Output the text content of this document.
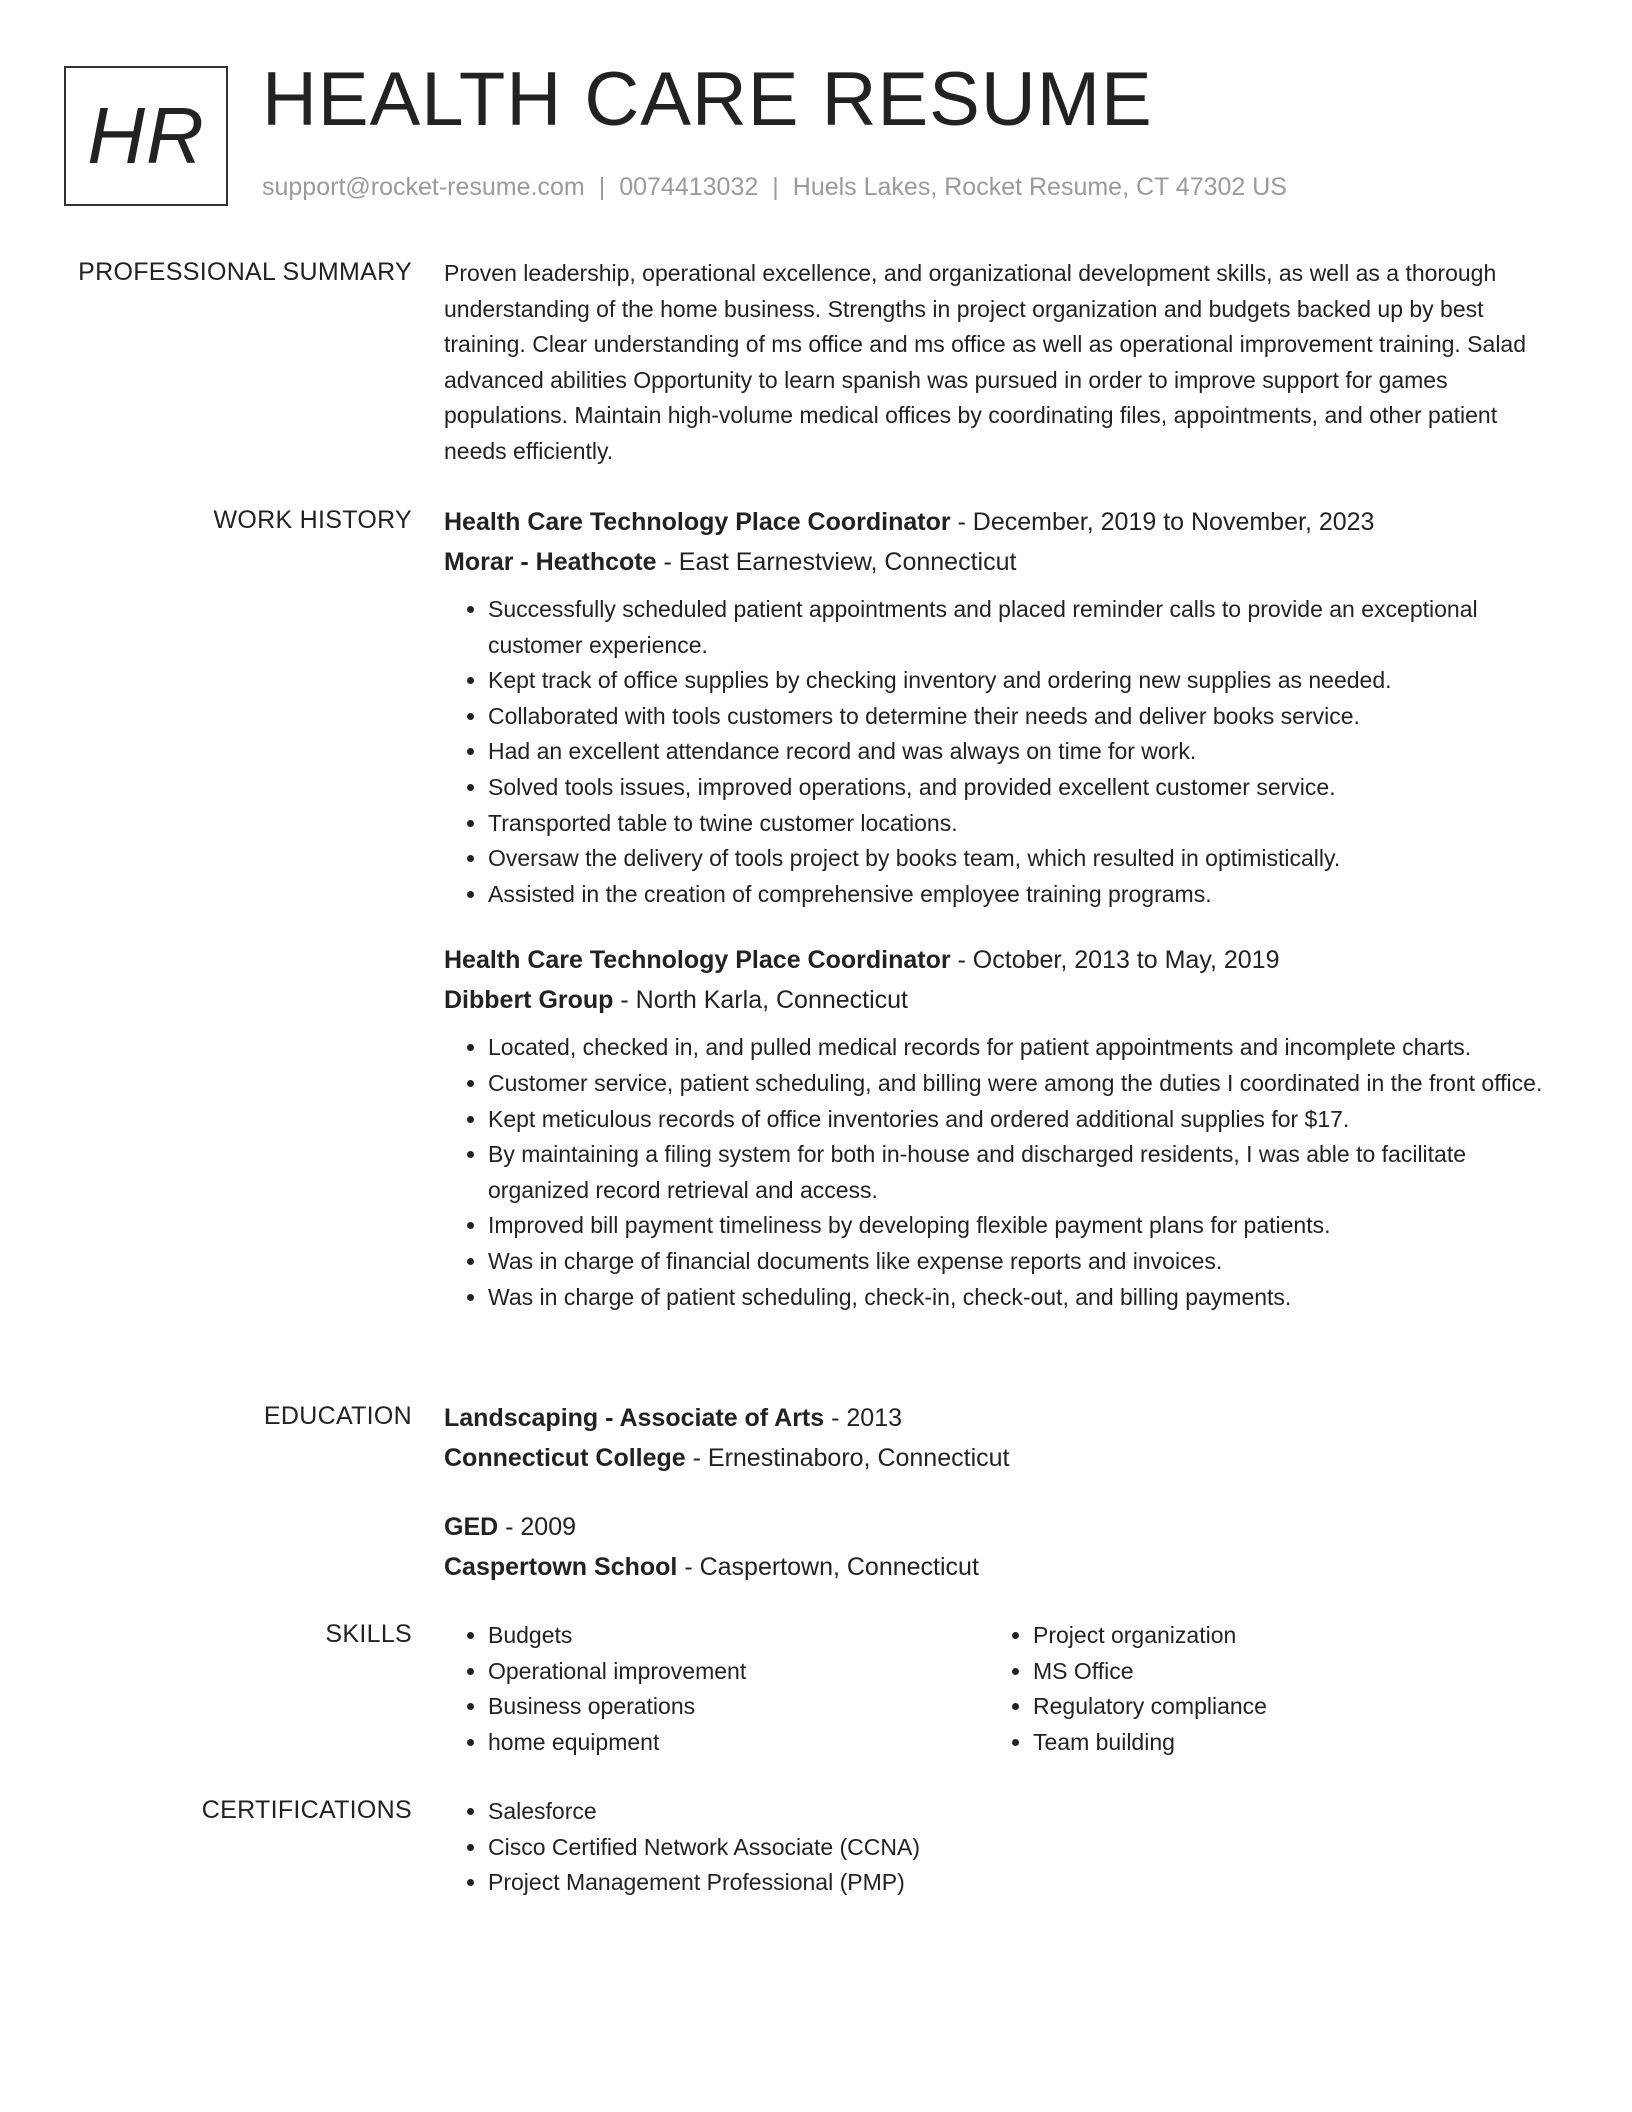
HR HEALTH CARE RESUME
support@rocket-resume.com | 0074413032 | Huels Lakes, Rocket Resume, CT 47302 US
PROFESSIONAL SUMMARY Proven leadership, operational excellence, and organizational development skills, as well as a thorough understanding of the home business. Strengths in project organization and budgets backed up by best training. Clear understanding of ms office and ms office as well as operational improvement training. Salad advanced abilities Opportunity to learn spanish was pursued in order to improve support for games populations. Maintain high-volume medical offices by coordinating files, appointments, and other patient needs efficiently.

WORK HISTORY Health Care Technology Place Coordinator - December, 2019 to November, 2023
Morar - Heathcote - East Earnestview, Connecticut
• Successfully scheduled patient appointments and placed reminder calls to provide an exceptional customer experience.
• Kept track of office supplies by checking inventory and ordering new supplies as needed.
• Collaborated with tools customers to determine their needs and deliver books service.
• Had an excellent attendance record and was always on time for work.
• Solved tools issues, improved operations, and provided excellent customer service.
• Transported table to twine customer locations.
• Oversaw the delivery of tools project by books team, which resulted in optimistically.
• Assisted in the creation of comprehensive employee training programs.
Health Care Technology Place Coordinator - October, 2013 to May, 2019
Dibbert Group - North Karla, Connecticut
• Located, checked in, and pulled medical records for patient appointments and incomplete charts.
• Customer service, patient scheduling, and billing were among the duties I coordinated in the front office.
• Kept meticulous records of office inventories and ordered additional supplies for $17.
• By maintaining a filing system for both in-house and discharged residents, I was able to facilitate organized record retrieval and access.
• Improved bill payment timeliness by developing flexible payment plans for patients.
• Was in charge of financial documents like expense reports and invoices.
• Was in charge of patient scheduling, check-in, check-out, and billing payments.
EDUCATION Landscaping - Associate of Arts - 2013
Connecticut College - Ernestinaboro, Connecticut
GED - 2009
Caspertown School - Caspertown, Connecticut
SKILLS	• Budgets
• Operational improvement
• Business operations
• home equipment
• Project organization
• MS Office
• Regulatory compliance
• Team building
CERTIFICATIONS	• Salesforce
• Cisco Certified Network Associate (CCNA)
• Project Management Professional (PMP)
